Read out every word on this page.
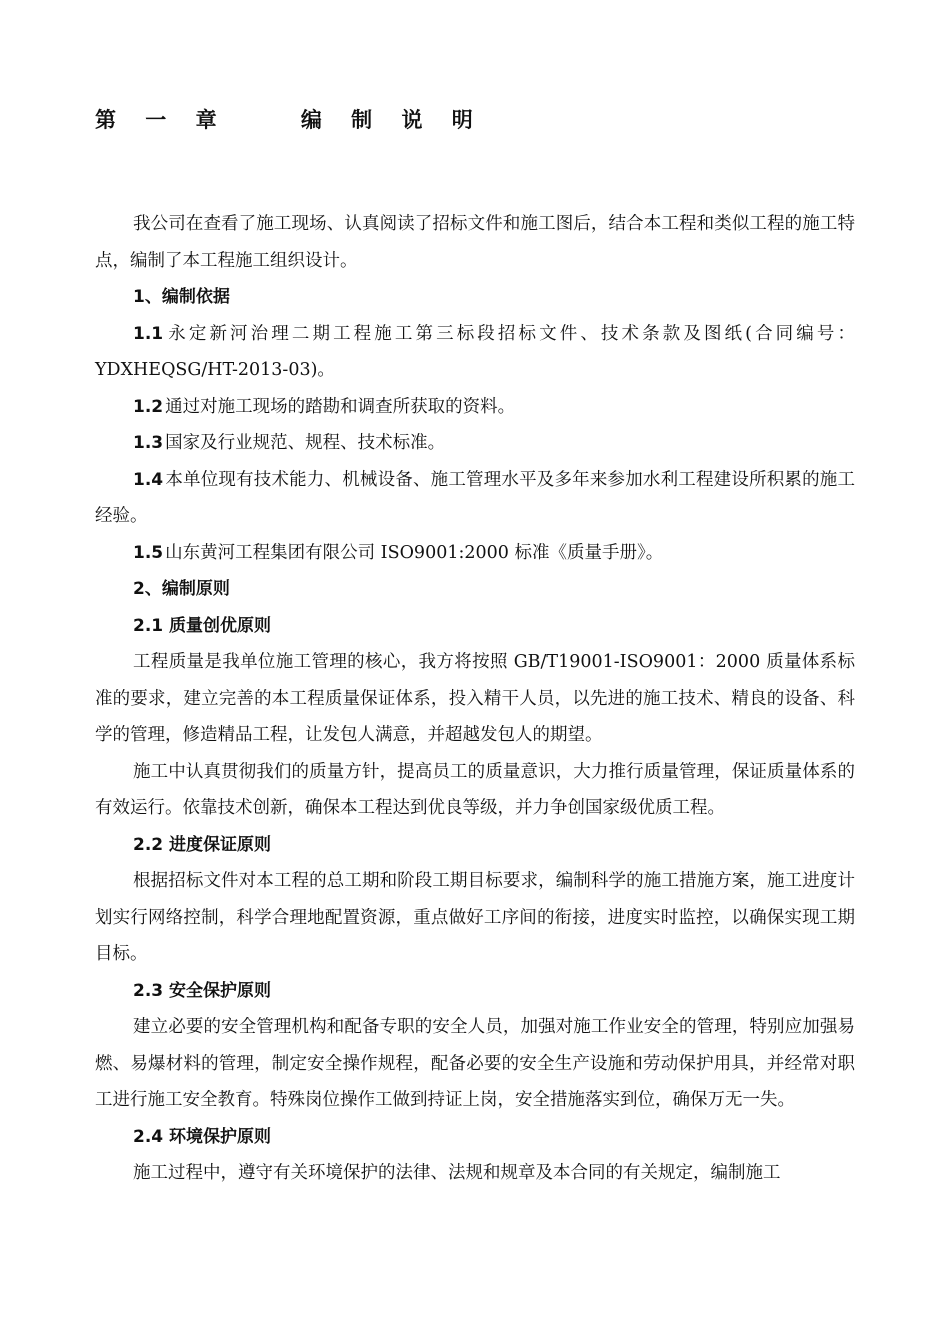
第 一 章    编 制 说 明

我公司在查看了施工现场、认真阅读了招标文件和施工图后，结合本工程和类似工程的施工特点，编制了本工程施工组织设计。

1、编制依据

1.1 永定新河治理二期工程施工第三标段招标文件、技术条款及图纸(合同编号：YDXHEQSG/HT-2013-03)。

1.2 通过对施工现场的踏勘和调查所获取的资料。

1.3 国家及行业规范、规程、技术标准。

1.4 本单位现有技术能力、机械设备、施工管理水平及多年来参加水利工程建设所积累的施工经验。

1.5 山东黄河工程集团有限公司 ISO9001:2000 标准《质量手册》。

2、编制原则

2.1 质量创优原则

工程质量是我单位施工管理的核心，我方将按照 GB/T19001-ISO9001：2000 质量体系标准的要求，建立完善的本工程质量保证体系，投入精干人员，以先进的施工技术、精良的设备、科学的管理，修造精品工程，让发包人满意，并超越发包人的期望。

施工中认真贯彻我们的质量方针，提高员工的质量意识，大力推行质量管理，保证质量体系的有效运行。依靠技术创新，确保本工程达到优良等级，并力争创国家级优质工程。

2.2 进度保证原则

根据招标文件对本工程的总工期和阶段工期目标要求，编制科学的施工措施方案，施工进度计划实行网络控制，科学合理地配置资源，重点做好工序间的衔接，进度实时监控，以确保实现工期目标。

2.3 安全保护原则

建立必要的安全管理机构和配备专职的安全人员，加强对施工作业安全的管理，特别应加强易燃、易爆材料的管理，制定安全操作规程，配备必要的安全生产设施和劳动保护用具，并经常对职工进行施工安全教育。特殊岗位操作工做到持证上岗，安全措施落实到位，确保万无一失。

2.4 环境保护原则

施工过程中，遵守有关环境保护的法律、法规和规章及本合同的有关规定，编制施工
